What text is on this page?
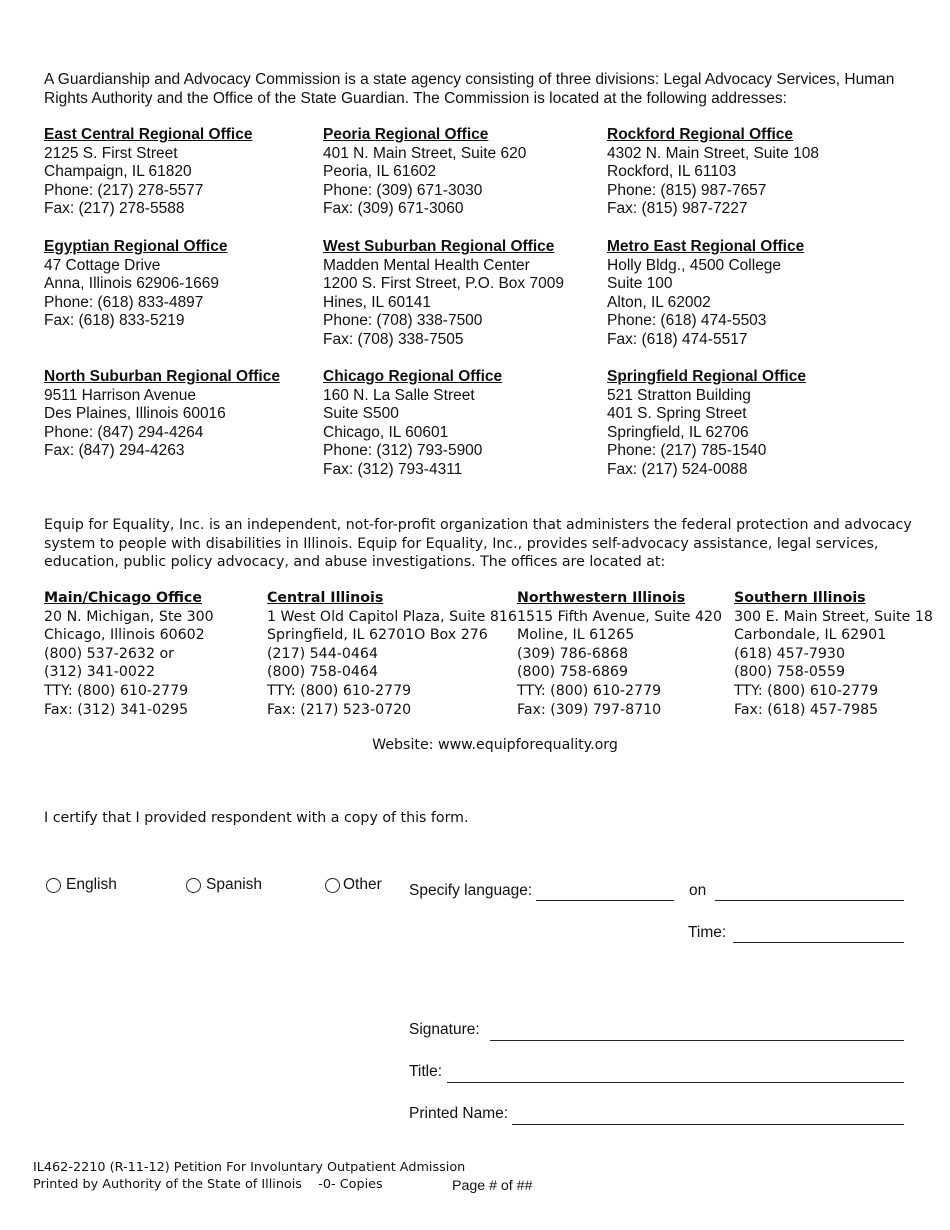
A Guardianship and Advocacy Commission is a state agency consisting of three divisions: Legal Advocacy Services, Human Rights Authority and the Office of the State Guardian. The Commission is located at the following addresses:
East Central Regional Office
2125 S. First Street
Champaign, IL 61820
Phone: (217) 278-5577
Fax: (217) 278-5588
Peoria Regional Office
401 N. Main Street, Suite 620
Peoria, IL 61602
Phone: (309) 671-3030
Fax: (309) 671-3060
Rockford Regional Office
4302 N. Main Street, Suite 108
Rockford, IL 61103
Phone: (815) 987-7657
Fax: (815) 987-7227
Egyptian Regional Office
47 Cottage Drive
Anna, Illinois 62906-1669
Phone: (618) 833-4897
Fax: (618) 833-5219
West Suburban Regional Office
Madden Mental Health Center
1200 S. First Street, P.O. Box 7009
Hines, IL 60141
Phone: (708) 338-7500
Fax: (708) 338-7505
Metro East Regional Office
Holly Bldg., 4500 College
Suite 100
Alton, IL 62002
Phone: (618) 474-5503
Fax: (618) 474-5517
North Suburban Regional Office
9511 Harrison Avenue
Des Plaines, Illinois 60016
Phone: (847) 294-4264
Fax: (847) 294-4263
Chicago Regional Office
160 N. La Salle Street
Suite S500
Chicago, IL 60601
Phone: (312) 793-5900
Fax: (312) 793-4311
Springfield Regional Office
521 Stratton Building
401 S. Spring Street
Springfield, IL 62706
Phone: (217) 785-1540
Fax: (217) 524-0088
Equip for Equality, Inc. is an independent, not-for-profit organization that administers the federal protection and advocacy system to people with disabilities in Illinois. Equip for Equality, Inc., provides self-advocacy assistance, legal services, education, public policy advocacy, and abuse investigations. The offices are located at:
Main/Chicago Office
20 N. Michigan, Ste 300
Chicago, Illinois 60602
(800) 537-2632 or
(312) 341-0022
TTY: (800) 610-2779
Fax: (312) 341-0295
Central Illinois
1 West Old Capitol Plaza, Suite 816
Springfield, IL 62701O Box 276
(217) 544-0464
(800) 758-0464
TTY: (800) 610-2779
Fax: (217) 523-0720
Northwestern Illinois
1515 Fifth Avenue, Suite 420
Moline, IL 61265
(309) 786-6868
(800) 758-6869
TTY: (800) 610-2779
Fax: (309) 797-8710
Southern Illinois
300 E. Main Street, Suite 18
Carbondale, IL 62901
(618) 457-7930
(800) 758-0559
TTY: (800) 610-2779
Fax: (618) 457-7985
Website: www.equipforequality.org
I certify that I provided respondent with a copy of this form.
English	Spanish	Other Specify language:	on
Time:
Signature:
Title:
Printed Name:
IL462-2210 (R-11-12) Petition For Involuntary Outpatient Admission
Printed by Authority of the State of Illinois    -0- Copies	Page # of ##
